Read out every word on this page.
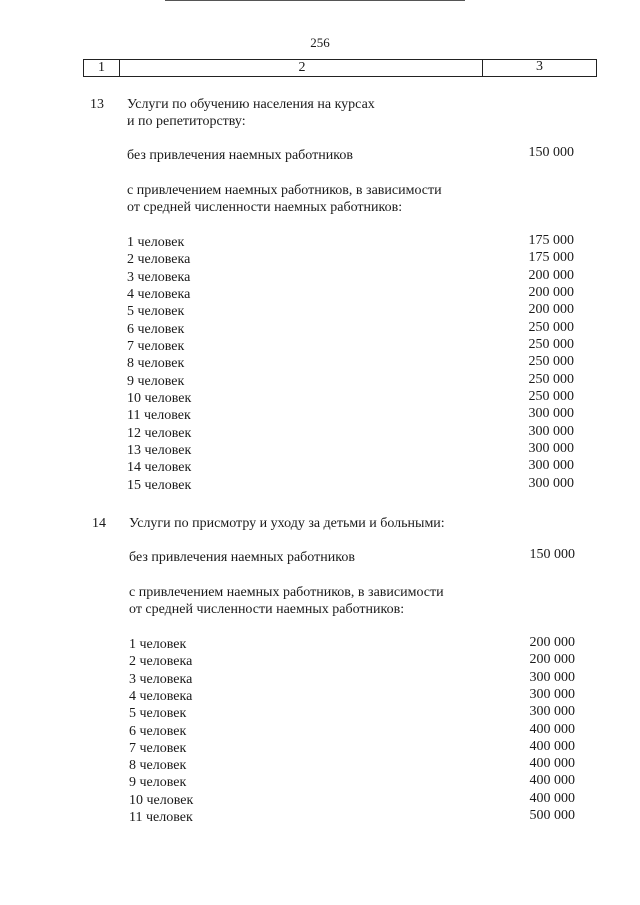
256
1	2	3
13 Услуги по обучению населения на курсах
и по репетиторству:
без привлечения наемных работников	150 000
с привлечением наемных работников, в зависимости
от средней численности наемных работников:
1 человек	175 000
2 человека	175 000
3 человека	200 000
4 человека	200 000
5 человек	200 000
6 человек	250 000
7 человек	250 000
8 человек	250 000
9 человек	250 000
10 человек	250 000
11 человек	300 000
12 человек	300 000
13 человек	300 000
14 человек	300 000
15 человек	300 000
14 Услуги по присмотру и уходу за детьми и больными:
без привлечения наемных работников	150 000
с привлечением наемных работников, в зависимости
от средней численности наемных работников:
1 человек	200 000
2 человека	200 000
3 человека	300 000
4 человека	300 000
5 человек	300 000
6 человек	400 000
7 человек	400 000
8 человек	400 000
9 человек	400 000
10 человек	400 000
11 человек	500 000
